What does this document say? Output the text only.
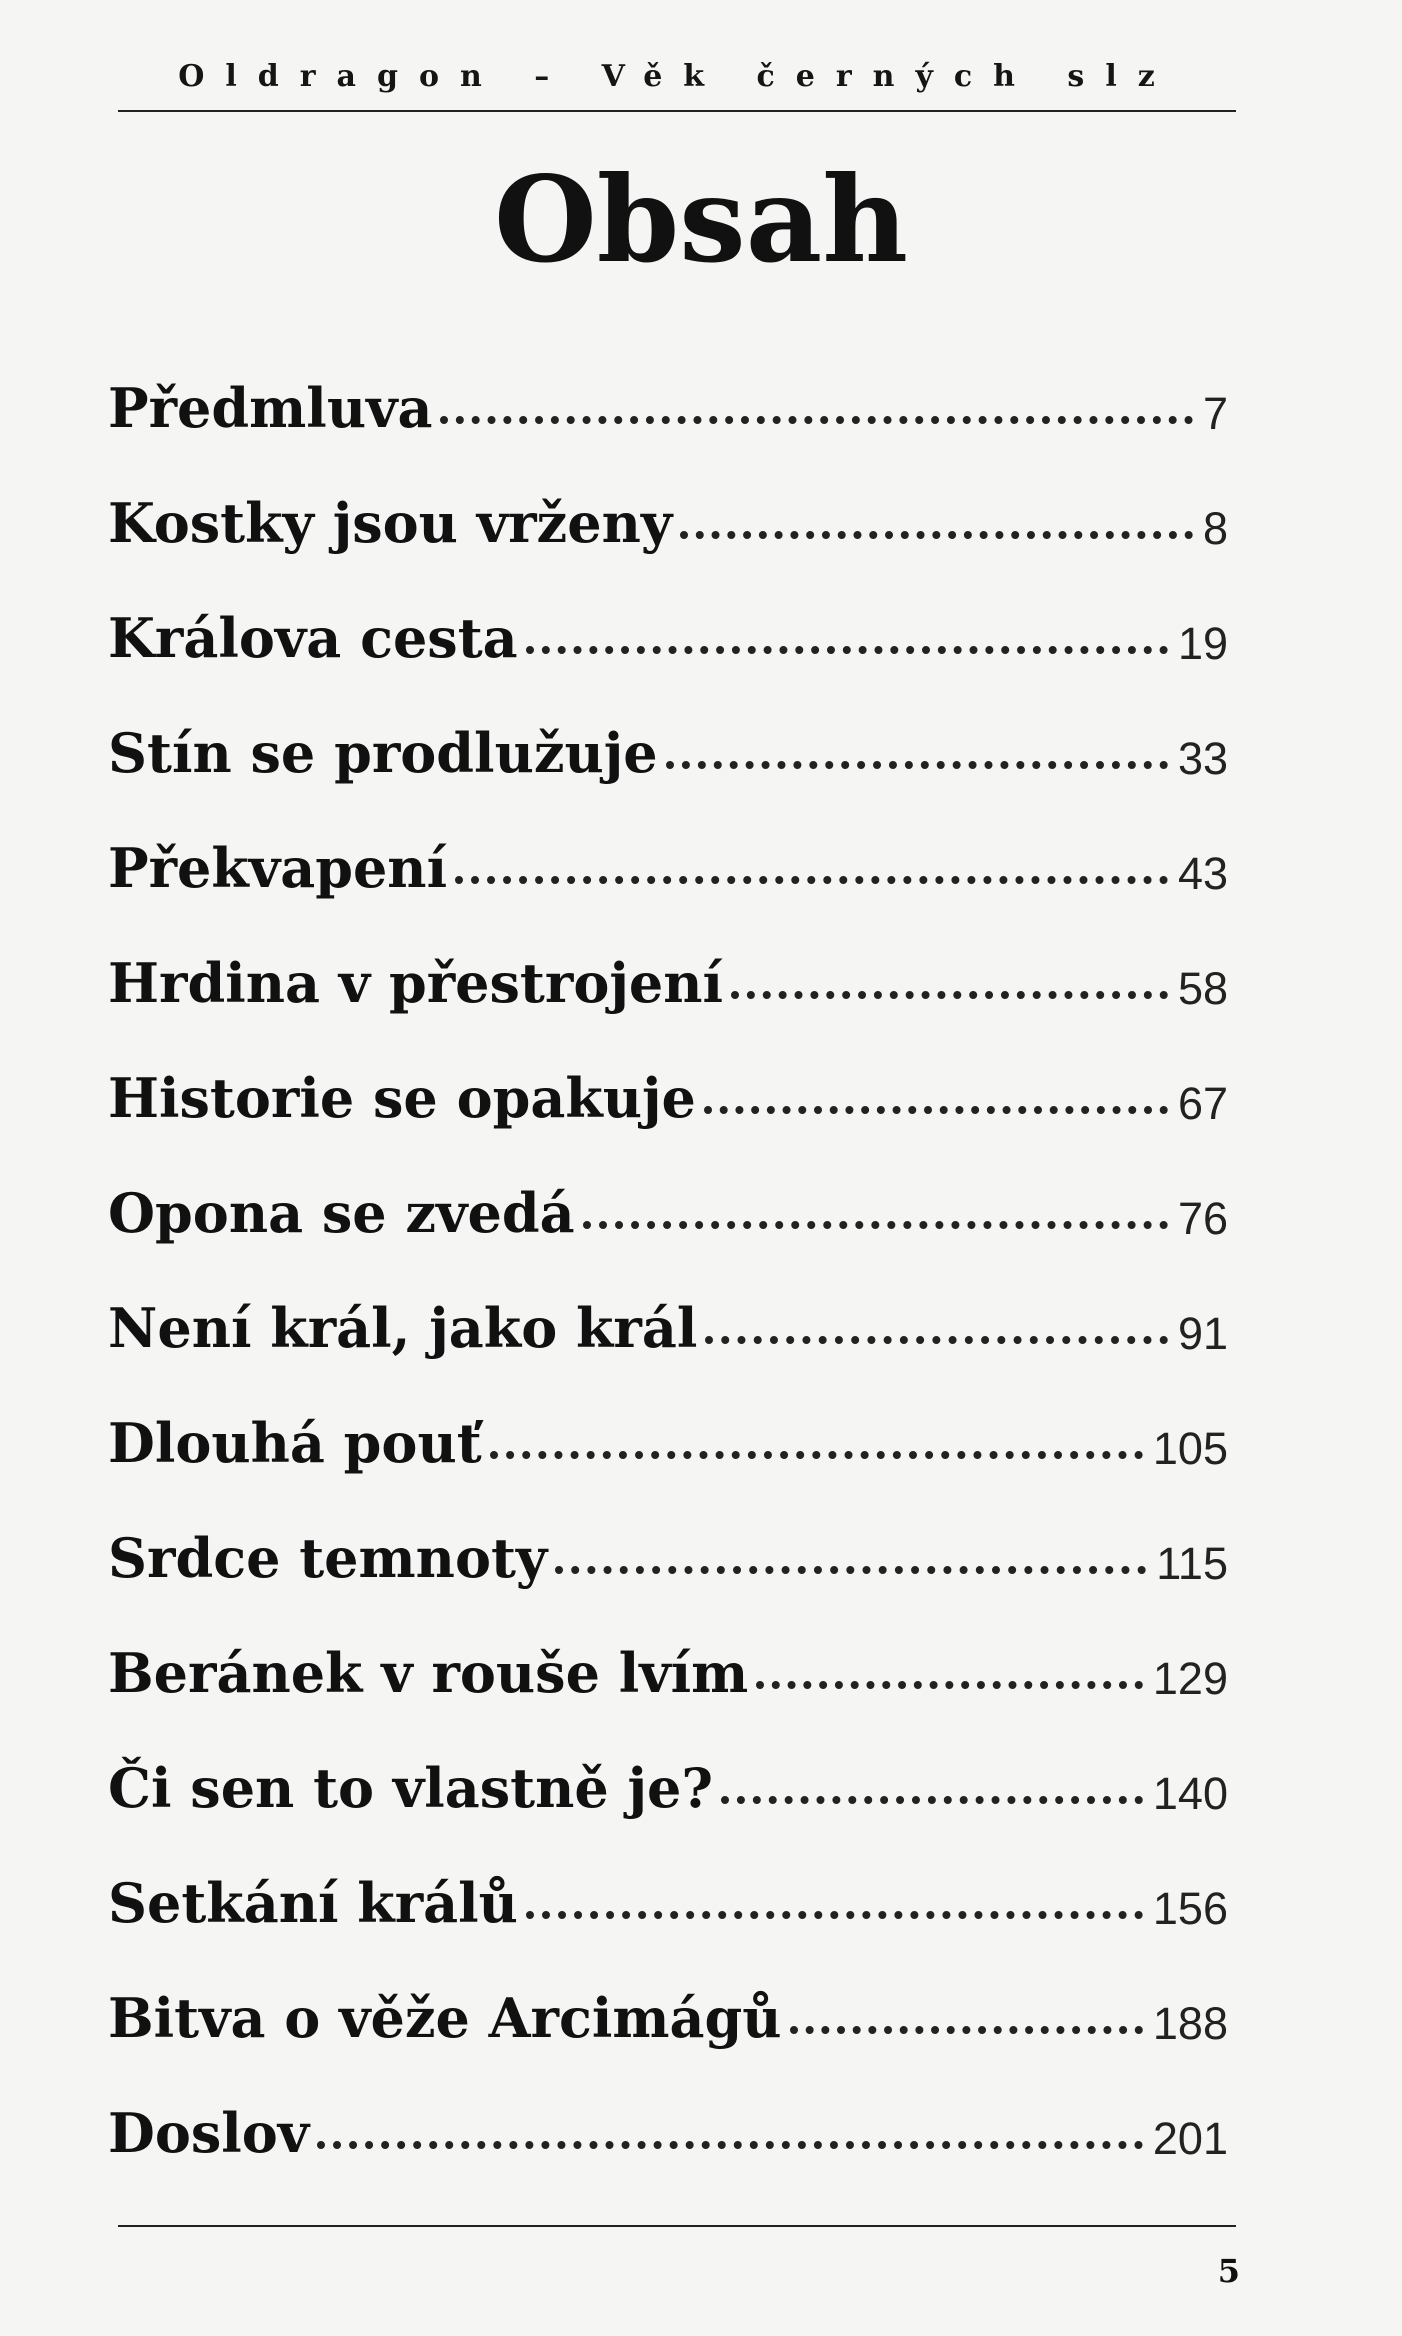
Oldragon – Věk černých slz
Obsah
Předmluva	7
Kostky jsou vrženy	8
Králova cesta	19
Stín se prodlužuje	33
Překvapení	43
Hrdina v přestrojení	58
Historie se opakuje	67
Opona se zvedá	76
Není král, jako král	91
Dlouhá pouť	105
Srdce temnoty	115
Beránek v rouše lvím	129
Či sen to vlastně je?	140
Setkání králů	156
Bitva o věže Arcimágů	188
Doslov	201
5
